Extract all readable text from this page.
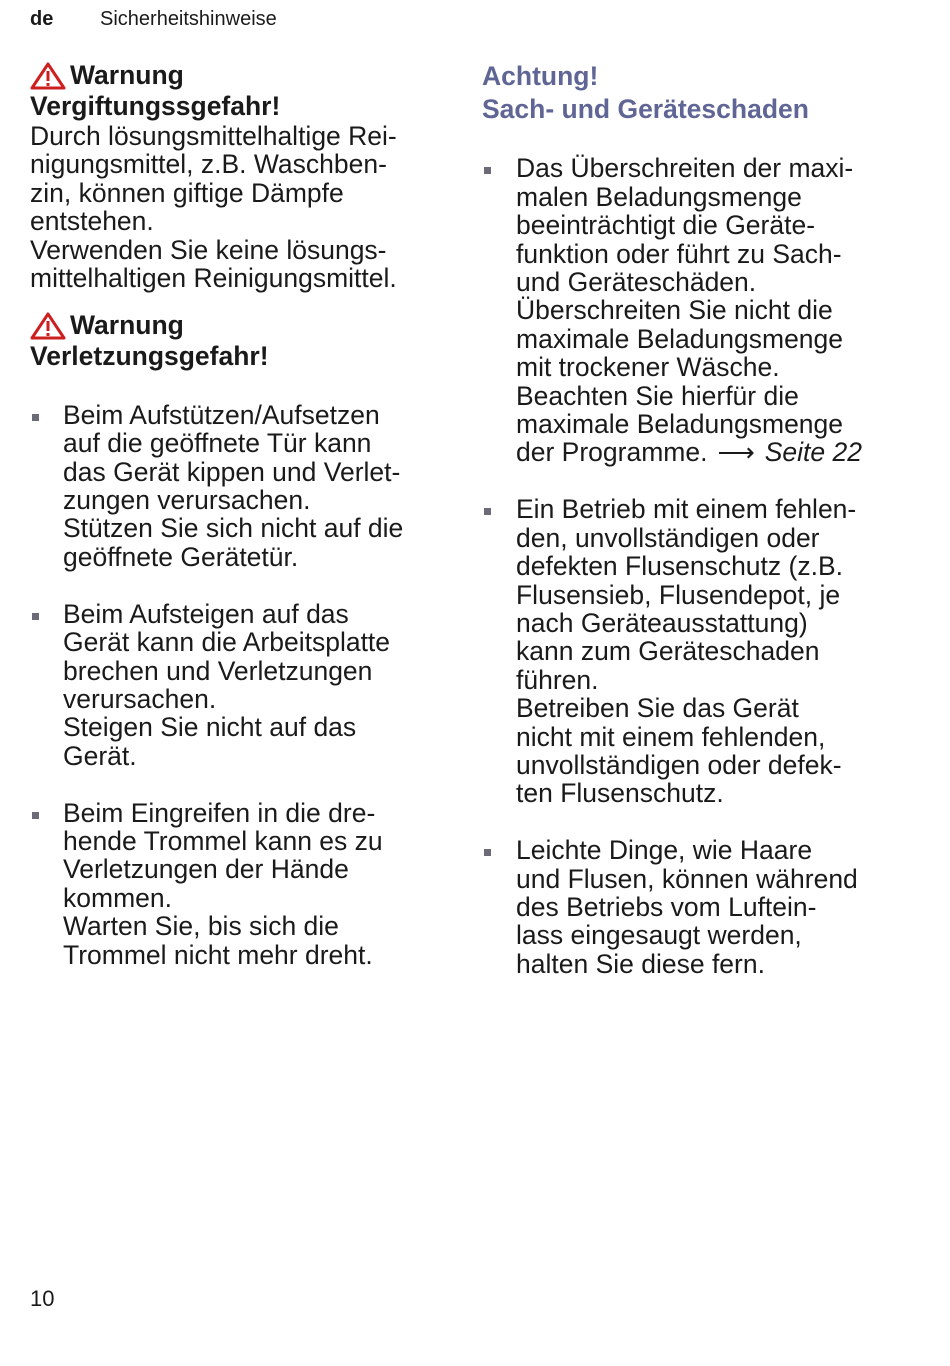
de Sicherheitshinweise
Warnung
Vergiftungssgefahr!
Durch lösungsmittelhaltige Rei-
nigungsmittel, z.B. Waschben-
zin, können giftige Dämpfe
entstehen.
Verwenden Sie keine lösungs-
mittelhaltigen Reinigungsmittel.
Warnung
Verletzungsgefahr!

Beim Aufstützen/Aufsetzen
auf die geöffnete Tür kann
das Gerät kippen und Verlet-
zungen verursachen.
Stützen Sie sich nicht auf die
geöffnete Gerätetür.

Beim Aufsteigen auf das
Gerät kann die Arbeitsplatte
brechen und Verletzungen
verursachen.
Steigen Sie nicht auf das
Gerät.

Beim Eingreifen in die dre-
hende Trommel kann es zu
Verletzungen der Hände
kommen.
Warten Sie, bis sich die
Trommel nicht mehr dreht.

Achtung!
Sach- und Geräteschaden

Das Überschreiten der maxi-
malen Beladungsmenge
beeinträchtigt die Geräte-
funktion oder führt zu Sach-
und Geräteschäden.
Überschreiten Sie nicht die
maximale Beladungsmenge
mit trockener Wäsche.
Beachten Sie hierfür die
maximale Beladungsmenge
der Programme. ⟶ Seite 22

Ein Betrieb mit einem fehlen-
den, unvollständigen oder
defekten Flusenschutz (z.B.
Flusensieb, Flusendepot, je
nach Geräteausstattung)
kann zum Geräteschaden
führen.
Betreiben Sie das Gerät
nicht mit einem fehlenden,
unvollständigen oder defek-
ten Flusenschutz.

Leichte Dinge, wie Haare
und Flusen, können während
des Betriebs vom Luftein-
lass eingesaugt werden,
halten Sie diese fern.

10
